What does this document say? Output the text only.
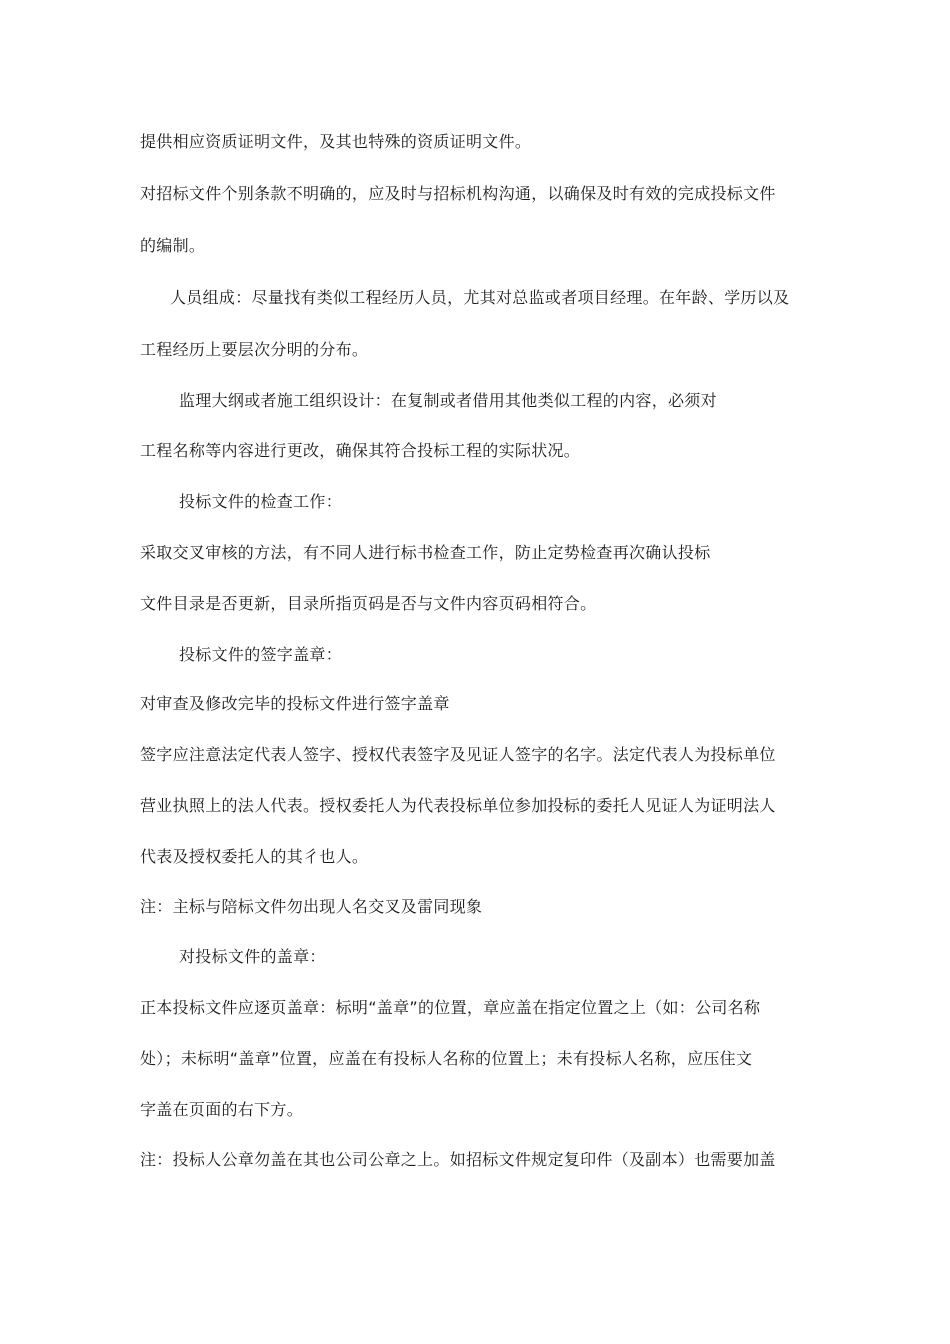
提供相应资质证明文件，及其也特殊的资质证明文件。
对招标文件个别条款不明确的，应及时与招标机构沟通，以确保及时有效的完成投标文件
的编制。
人员组成：尽量找有类似工程经历人员，尤其对总监或者项目经理。在年龄、学历以及
工程经历上要层次分明的分布。
监理大纲或者施工组织设计：在复制或者借用其他类似工程的内容，必须对
工程名称等内容进行更改，确保其符合投标工程的实际状况。
投标文件的检查工作：
采取交叉审核的方法，有不同人进行标书检查工作，防止定势检查再次确认投标
文件目录是否更新，目录所指页码是否与文件内容页码相符合。
投标文件的签字盖章：
对审查及修改完毕的投标文件进行签字盖章
签字应注意法定代表人签字、授权代表签字及见证人签字的名字。法定代表人为投标单位
营业执照上的法人代表。授权委托人为代表投标单位参加投标的委托人见证人为证明法人
代表及授权委托人的其彳也人。
注：主标与陪标文件勿出现人名交叉及雷同现象
对投标文件的盖章：
正本投标文件应逐页盖章：标明“盖章”的位置，章应盖在指定位置之上（如：公司名称
处）；未标明“盖章”位置，应盖在有投标人名称的位置上；未有投标人名称，应压住文
字盖在页面的右下方。
注：投标人公章勿盖在其也公司公章之上。如招标文件规定复印件（及副本）也需要加盖
